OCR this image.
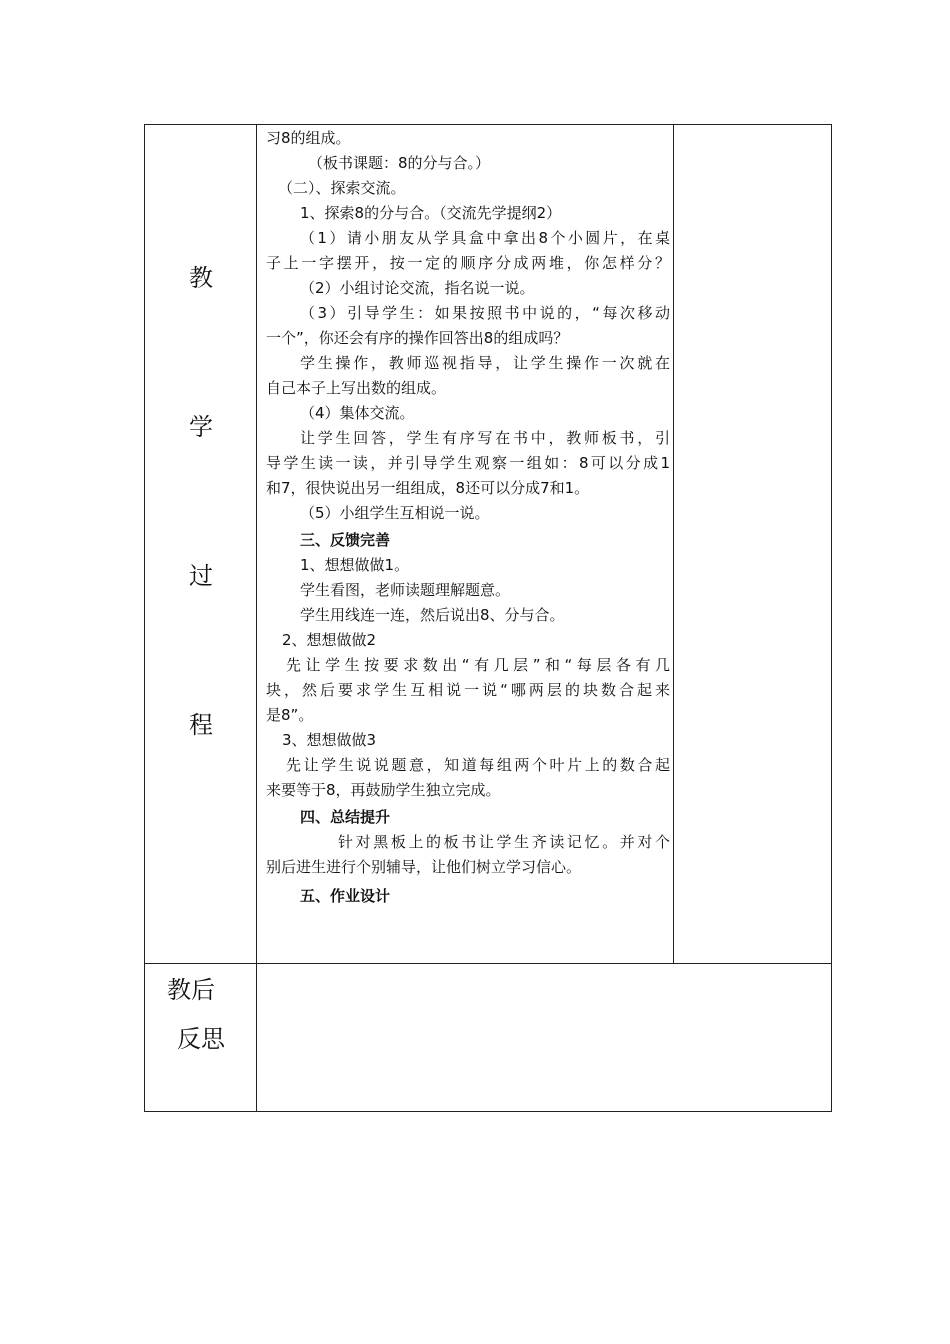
教
学
过
程
习8的组成。
（板书课题：8的分与合。）
（二）、探索交流。
1、探索8的分与合。（交流先学提纲2）
（1）请小朋友从学具盒中拿出8个小圆片，在桌
子上一字摆开，按一定的顺序分成两堆，你怎样分？
（2）小组讨论交流，指名说一说。
（3）引导学生：如果按照书中说的，“每次移动
一个”，你还会有序的操作回答出8的组成吗？
学生操作，教师巡视指导，让学生操作一次就在
自己本子上写出数的组成。
（4）集体交流。
让学生回答，学生有序写在书中，教师板书，引
导学生读一读，并引导学生观察一组如：8可以分成1
和7，很快说出另一组组成，8还可以分成7和1。
（5）小组学生互相说一说。
三、反馈完善
1、想想做做1。
学生看图，老师读题理解题意。
学生用线连一连，然后说出8、分与合。
2、想想做做2
先让学生按要求数出“有几层”和“每层各有几
块，然后要求学生互相说一说“哪两层的块数合起来
是8”。
3、想想做做3
先让学生说说题意，知道每组两个叶片上的数合起
来要等于8，再鼓励学生独立完成。
四、总结提升
针对黑板上的板书让学生齐读记忆。并对个
别后进生进行个别辅导，让他们树立学习信心。
五、作业设计
教后
反思
